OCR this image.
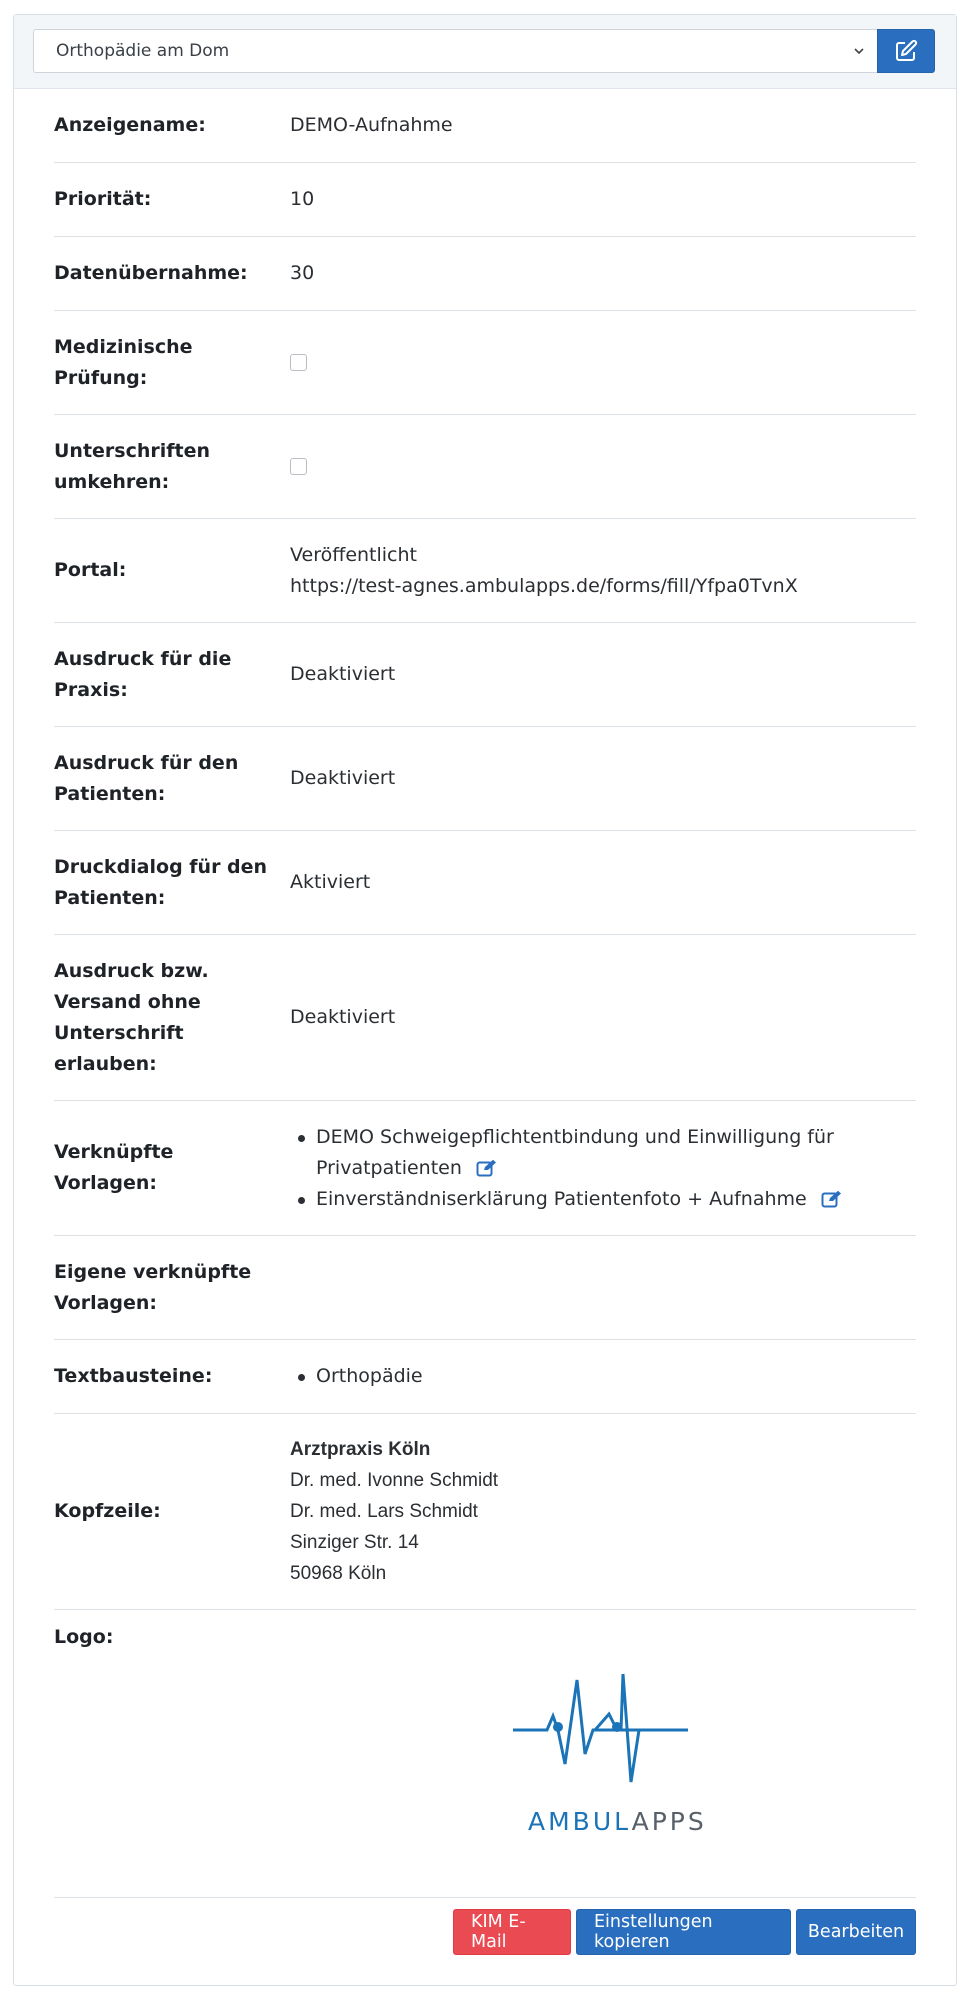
Orthopädie am Dom
Anzeigename:	DEMO-Aufnahme
Priorität:	10
Datenübernahme:	30
Medizinische
Prüfung:
Unterschriften
umkehren:
Portal:
Veröffentlicht
https://test-agnes.ambulapps.de/forms/fill/Yfpa0TvnX
Ausdruck für die
Praxis:
Deaktiviert
Ausdruck für den
Patienten:
Deaktiviert
Druckdialog für den
Patienten:
Aktiviert
Ausdruck bzw.
Versand ohne
Unterschrift
erlauben:
Deaktiviert
Verknüpfte
Vorlagen:
DEMO Schweigepflichtentbindung und Einwilligung für
Privatpatienten
Einverständniserklärung Patientenfoto + Aufnahme
Eigene verknüpfte
Vorlagen:
Textbausteine:	Orthopädie
Kopfzeile:
Arztpraxis Köln
Dr. med. Ivonne Schmidt
Dr. med. Lars Schmidt
Sinziger Str. 14
50968 Köln
Logo:
AMBULAPPS
KIM E-Mail
Einstellungen kopieren	Bearbeiten
